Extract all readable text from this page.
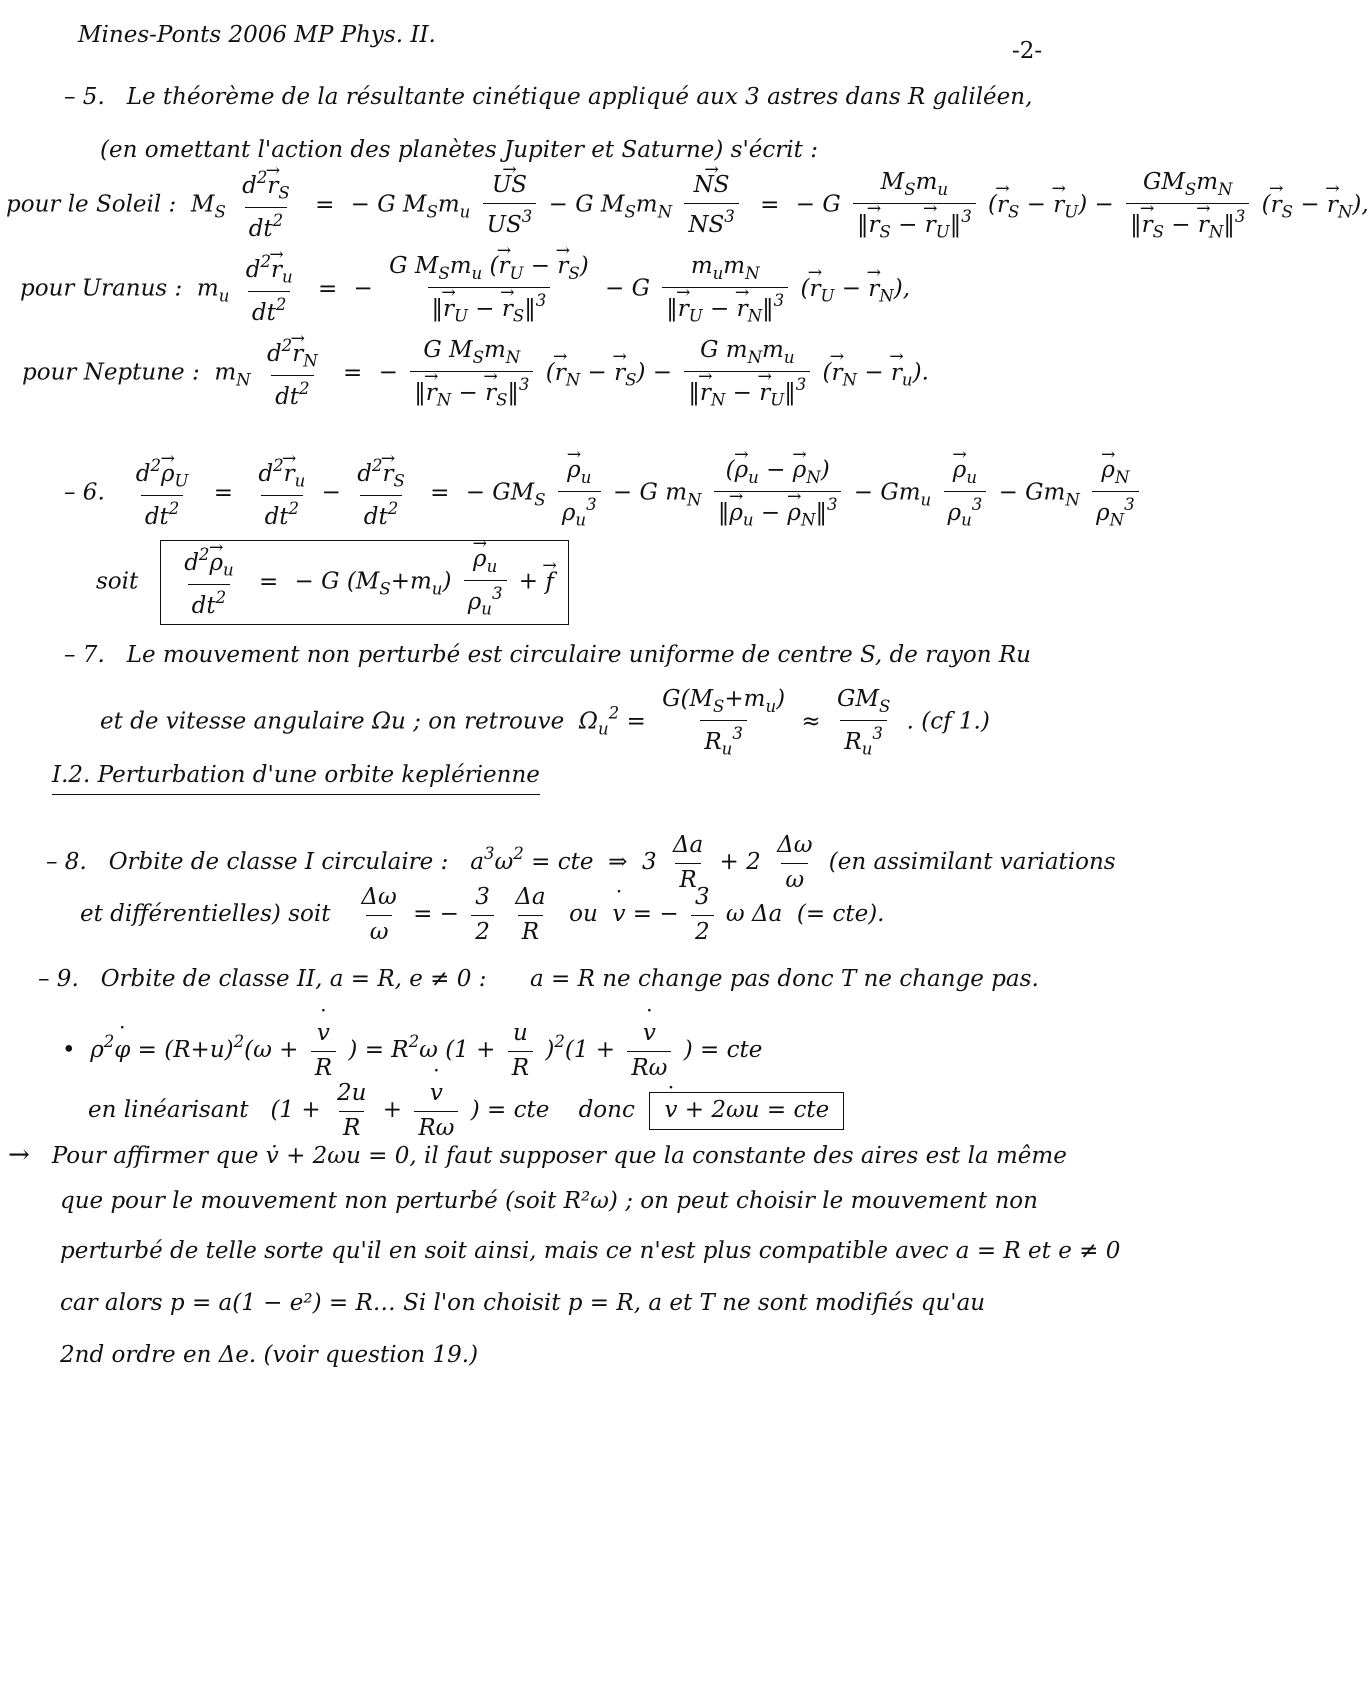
Mines-Ponts 2006 MP Phys. II.
-2-
– 5. Le théorème de la résultante cinétique appliqué aux 3 astres dans R galiléen,
(en omettant l'action des planètes Jupiter et Saturne) s'écrit :
pour le Soleil :  $M_S \frac{d^2\to r_S}{dt^2}$ = − G $M_Sm_u$
→ $\frac{US}{US^3} - G$ $M_Sm_N$
→ $\frac{NS}{NS^3}$ = − G $\frac{M_Sm_u}{‖\to r_S - \to r_U‖^3}$ (→ $r_S$ − → $r_U) - \frac{GM_Sm_N}{‖\to r_S - \to r_N‖^3}$ (→ $r_S$ − → $r_N$),
pour Uranus :  $m_u \frac{d^2\to r_u}{dt^2}$ = − $\frac{G M_Sm_u (\to r_U - \to r_S)}{‖\to r_U - \to r_S‖^3} - G \frac{m_um_N}{‖\to r_U - \to r_N‖^3}$ (→ $r_U$ − → $r_N$),
pour Neptune :  $m_N \frac{d^2\to r_N}{dt^2}$ = − $\frac{G M_Sm_N}{‖\to r_N - \to r_S‖^3}$ (→ $r_N$ − → $r_S) - \frac{G m_Nm_u}{‖\to r_N - \to r_U‖^3}$ (→ $r_N$ − → $r_u$).
– 6. $\frac{d^2\to \rho_U}{dt^2} = \frac{d^2\to r_u}{dt^2} - \frac{d^2\to r_S}{dt^2}$ = − $GM_S$
→ $\frac{\rho_u}{\rho_u^3} - G$ $m_N \frac{(\to \rho_u - \to \rho_N)}{‖\to \rho_u - \to \rho_N‖^3} - Gm_u$
→ $\frac{\rho_u}{\rho_u^3} - Gm_N$
→ $\frac{\rho_N}{\rho_N^3}$
soit $\frac{d^2\to \rho_u}{dt^2}$ = − G $(M_S+m_u)$
→ $\frac{\rho_u}{\rho_u^3}$ + → f
– 7. Le mouvement non perturbé est circulaire uniforme de centre S, de rayon Ru
et de vitesse angulaire Ωu ; on retrouve  $\Omega_u^2 = \frac{G(M_S+m_u)}{R_u^3} \approx \frac{GM_S}{R_u^3}$ . (cf 1.)
I.2. Perturbation d'une orbite keplérienne
– 8. Orbite de classe I circulaire :   $a^3\omega^2$ = cte  ⇒  $3 \frac{\Delta a}{R} + 2 \frac{\Delta\omega}{\omega} (en$ assimilant variations
et différentielles) soit $\frac{\Delta\omega}{\omega}$ = − $\frac{3}{2}$
$\frac{\Delta a}{R}$ ou  ˙ v = − $\frac{3}{2}$ ω Δa  (= cte).
– 9. Orbite de classe II, a = R, e ≠ 0 : a = R ne change pas donc T ne change pas.
•  $\rho^2˙$ $\varphi = (R+u)^2(\omega$ +
˙ $\frac{v}{R}$ ) = $R^2\omega$ $(1 + \frac{u}{R} )^2(1$ +
˙ $\frac{v}{R\omega}$ ) = cte
en linéarisant   ($1 + \frac{2u}{R}$ +
˙ $\frac{v}{R\omega}$ ) = cte    donc  ˙ v + 2ωu = cte
→ Pour affirmer que v̇ + 2ωu = 0, il faut supposer que la constante des aires est la même
que pour le mouvement non perturbé (soit R²ω) ; on peut choisir le mouvement non
perturbé de telle sorte qu'il en soit ainsi, mais ce n'est plus compatible avec a = R et e ≠ 0
car alors p = a(1 − e²) = R… Si l'on choisit p = R, a et T ne sont modifiés qu'au
2nd ordre en Δe. (voir question 19.)
